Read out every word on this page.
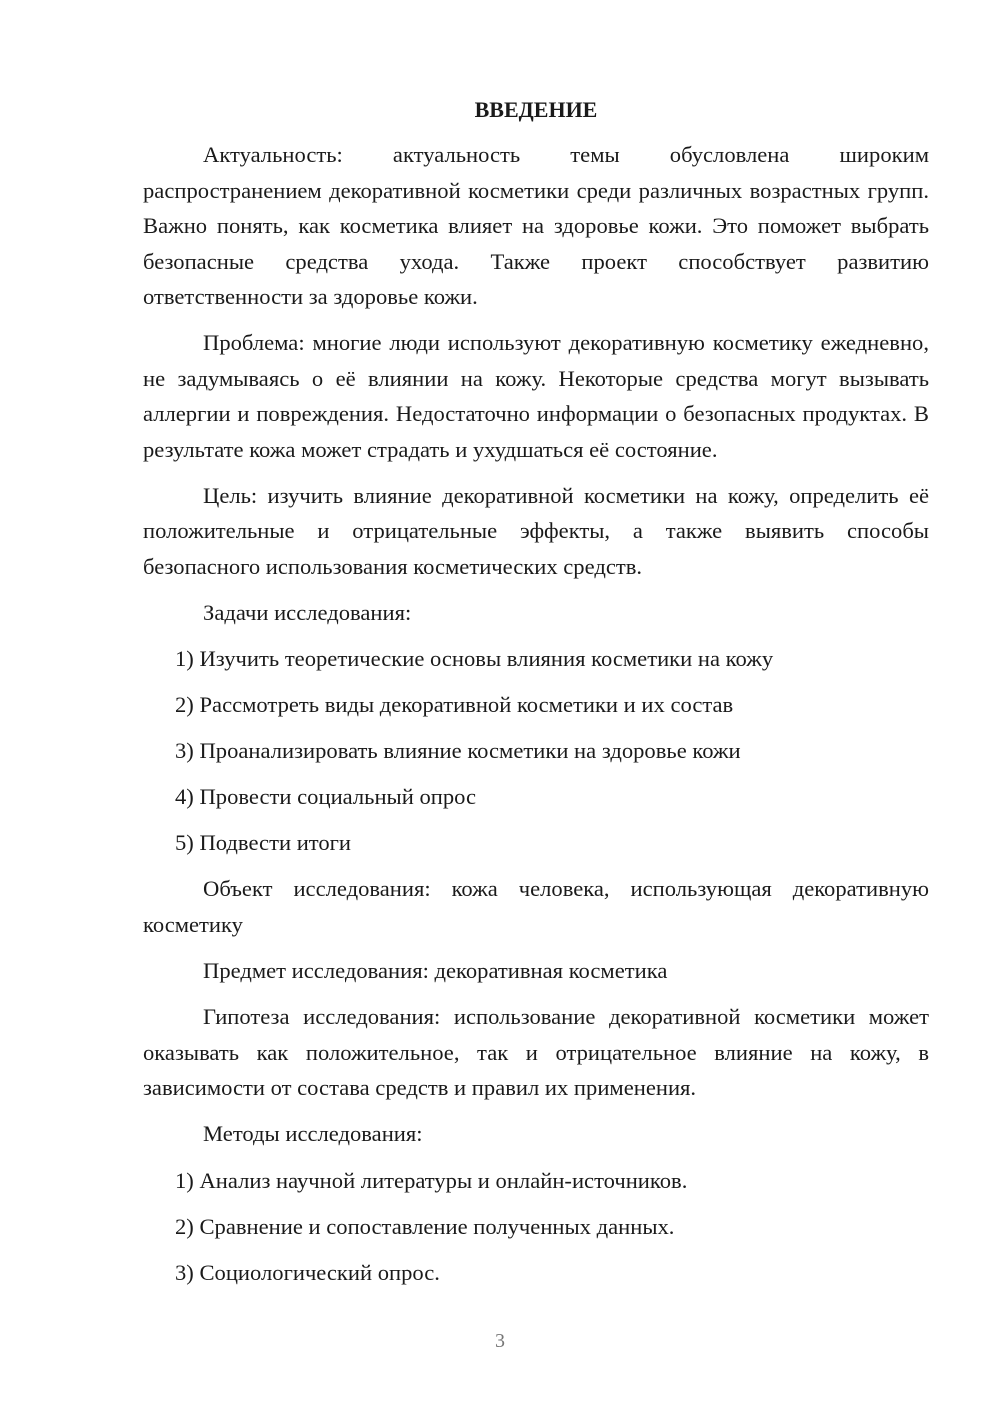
ВВЕДЕНИЕ

Актуальность: актуальность темы обусловлена широким распространением декоративной косметики среди различных возрастных групп. Важно понять, как косметика влияет на здоровье кожи. Это поможет выбрать безопасные средства ухода. Также проект способствует развитию ответственности за здоровье кожи.

Проблема: многие люди используют декоративную косметику ежедневно, не задумываясь о её влиянии на кожу. Некоторые средства могут вызывать аллергии и повреждения. Недостаточно информации о безопасных продуктах. В результате кожа может страдать и ухудшаться её состояние.

Цель: изучить влияние декоративной косметики на кожу, определить её положительные и отрицательные эффекты, а также выявить способы безопасного использования косметических средств.

Задачи исследования:

1) Изучить теоретические основы влияния косметики на кожу
2) Рассмотреть виды декоративной косметики и их состав
3) Проанализировать влияние косметики на здоровье кожи
4) Провести социальный опрос
5) Подвести итоги

Объект исследования: кожа человека, использующая декоративную косметику

Предмет исследования: декоративная косметика

Гипотеза исследования: использование декоративной косметики может оказывать как положительное, так и отрицательное влияние на кожу, в зависимости от состава средств и правил их применения.

Методы исследования:

1) Анализ научной литературы и онлайн-источников.
2) Сравнение и сопоставление полученных данных.
3) Социологический опрос.
3
